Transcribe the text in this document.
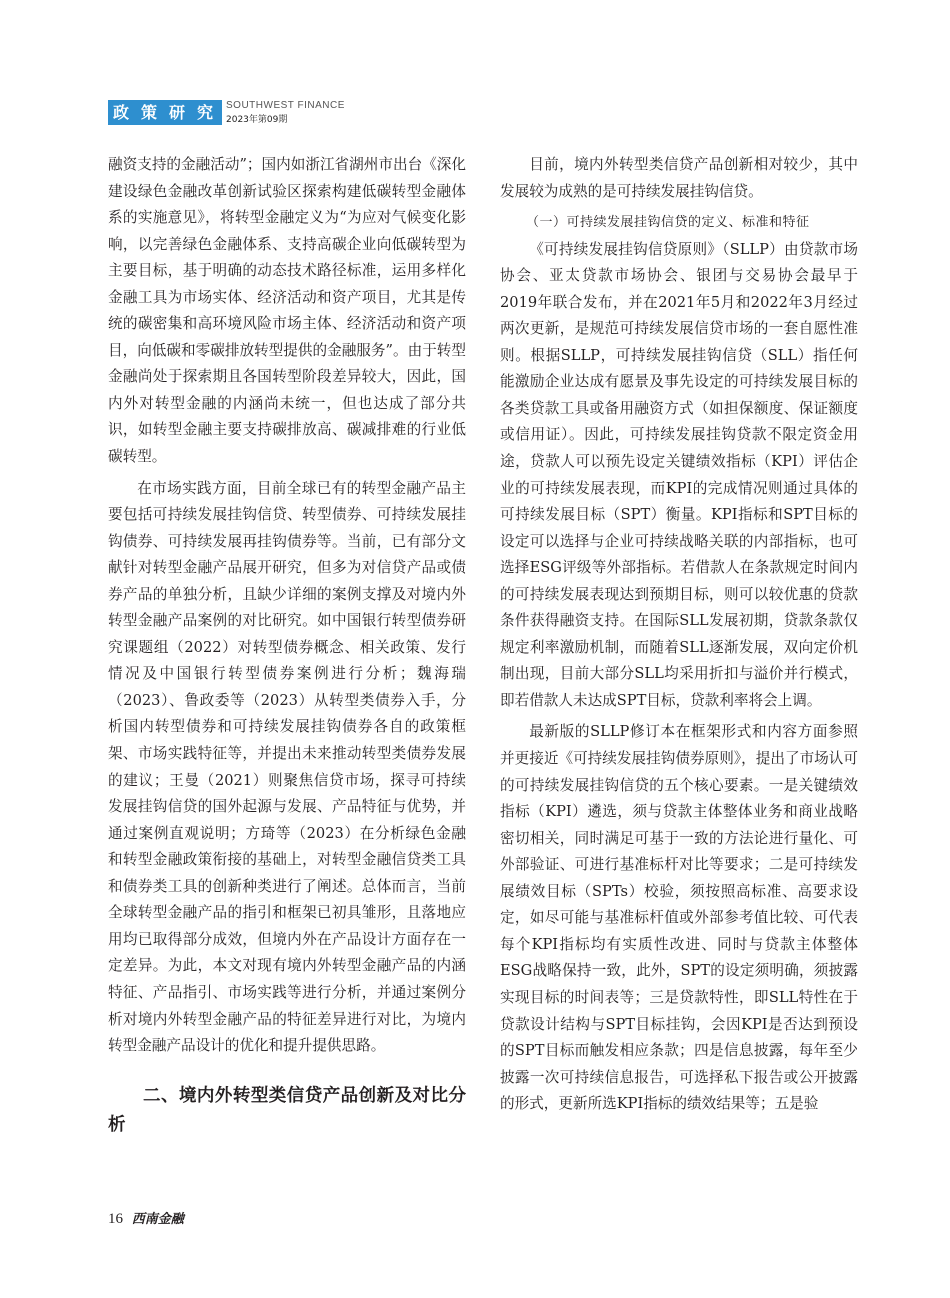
政策研究 SOUTHWEST FINANCE
2023年第09期

融资支持的金融活动”；国内如浙江省湖州市出台《深化建设绿色金融改革创新试验区探索构建低碳转型金融体系的实施意见》，将转型金融定义为“为应对气候变化影响，以完善绿色金融体系、支持高碳企业向低碳转型为主要目标，基于明确的动态技术路径标准，运用多样化金融工具为市场实体、经济活动和资产项目，尤其是传统的碳密集和高环境风险市场主体、经济活动和资产项目，向低碳和零碳排放转型提供的金融服务”。由于转型金融尚处于探索期且各国转型阶段差异较大，因此，国内外对转型金融的内涵尚未统一，但也达成了部分共识，如转型金融主要支持碳排放高、碳减排难的行业低碳转型。

在市场实践方面，目前全球已有的转型金融产品主要包括可持续发展挂钩信贷、转型债券、可持续发展挂钩债券、可持续发展再挂钩债券等。当前，已有部分文献针对转型金融产品展开研究，但多为对信贷产品或债券产品的单独分析，且缺少详细的案例支撑及对境内外转型金融产品案例的对比研究。如中国银行转型债券研究课题组（2022）对转型债券概念、相关政策、发行情况及中国银行转型债券案例进行分析；魏海瑞（2023）、鲁政委等（2023）从转型类债券入手，分析国内转型债券和可持续发展挂钩债券各自的政策框架、市场实践特征等，并提出未来推动转型类债券发展的建议；王曼（2021）则聚焦信贷市场，探寻可持续发展挂钩信贷的国外起源与发展、产品特征与优势，并通过案例直观说明；方琦等（2023）在分析绿色金融和转型金融政策衔接的基础上，对转型金融信贷类工具和债券类工具的创新种类进行了阐述。总体而言，当前全球转型金融产品的指引和框架已初具雏形，且落地应用均已取得部分成效，但境内外在产品设计方面存在一定差异。为此，本文对现有境内外转型金融产品的内涵特征、产品指引、市场实践等进行分析，并通过案例分析对境内外转型金融产品的特征差异进行对比，为境内转型金融产品设计的优化和提升提供思路。

二、境内外转型类信贷产品创新及对比分析

目前，境内外转型类信贷产品创新相对较少，其中发展较为成熟的是可持续发展挂钩信贷。

（一）可持续发展挂钩信贷的定义、标准和特征

《可持续发展挂钩信贷原则》（SLLP）由贷款市场协会、亚太贷款市场协会、银团与交易协会最早于2019年联合发布，并在2021年5月和2022年3月经过两次更新，是规范可持续发展信贷市场的一套自愿性准则。根据SLLP，可持续发展挂钩信贷（SLL）指任何能激励企业达成有愿景及事先设定的可持续发展目标的各类贷款工具或备用融资方式（如担保额度、保证额度或信用证）。因此，可持续发展挂钩贷款不限定资金用途，贷款人可以预先设定关键绩效指标（KPI）评估企业的可持续发展表现，而KPI的完成情况则通过具体的可持续发展目标（SPT）衡量。KPI指标和SPT目标的设定可以选择与企业可持续战略关联的内部指标，也可选择ESG评级等外部指标。若借款人在条款规定时间内的可持续发展表现达到预期目标，则可以较优惠的贷款条件获得融资支持。在国际SLL发展初期，贷款条款仅规定利率激励机制，而随着SLL逐渐发展，双向定价机制出现，目前大部分SLL均采用折扣与溢价并行模式，即若借款人未达成SPT目标，贷款利率将会上调。

最新版的SLLP修订本在框架形式和内容方面参照并更接近《可持续发展挂钩债券原则》，提出了市场认可的可持续发展挂钩信贷的五个核心要素。一是关键绩效指标（KPI）遴选，须与贷款主体整体业务和商业战略密切相关，同时满足可基于一致的方法论进行量化、可外部验证、可进行基准标杆对比等要求；二是可持续发展绩效目标（SPTs）校验，须按照高标准、高要求设定，如尽可能与基准标杆值或外部参考值比较、可代表每个KPI指标均有实质性改进、同时与贷款主体整体ESG战略保持一致，此外，SPT的设定须明确，须披露实现目标的时间表等；三是贷款特性，即SLL特性在于贷款设计结构与SPT目标挂钩，会因KPI是否达到预设的SPT目标而触发相应条款；四是信息披露，每年至少披露一次可持续信息报告，可选择私下报告或公开披露的形式，更新所选KPI指标的绩效结果等；五是验

16 西南金融
